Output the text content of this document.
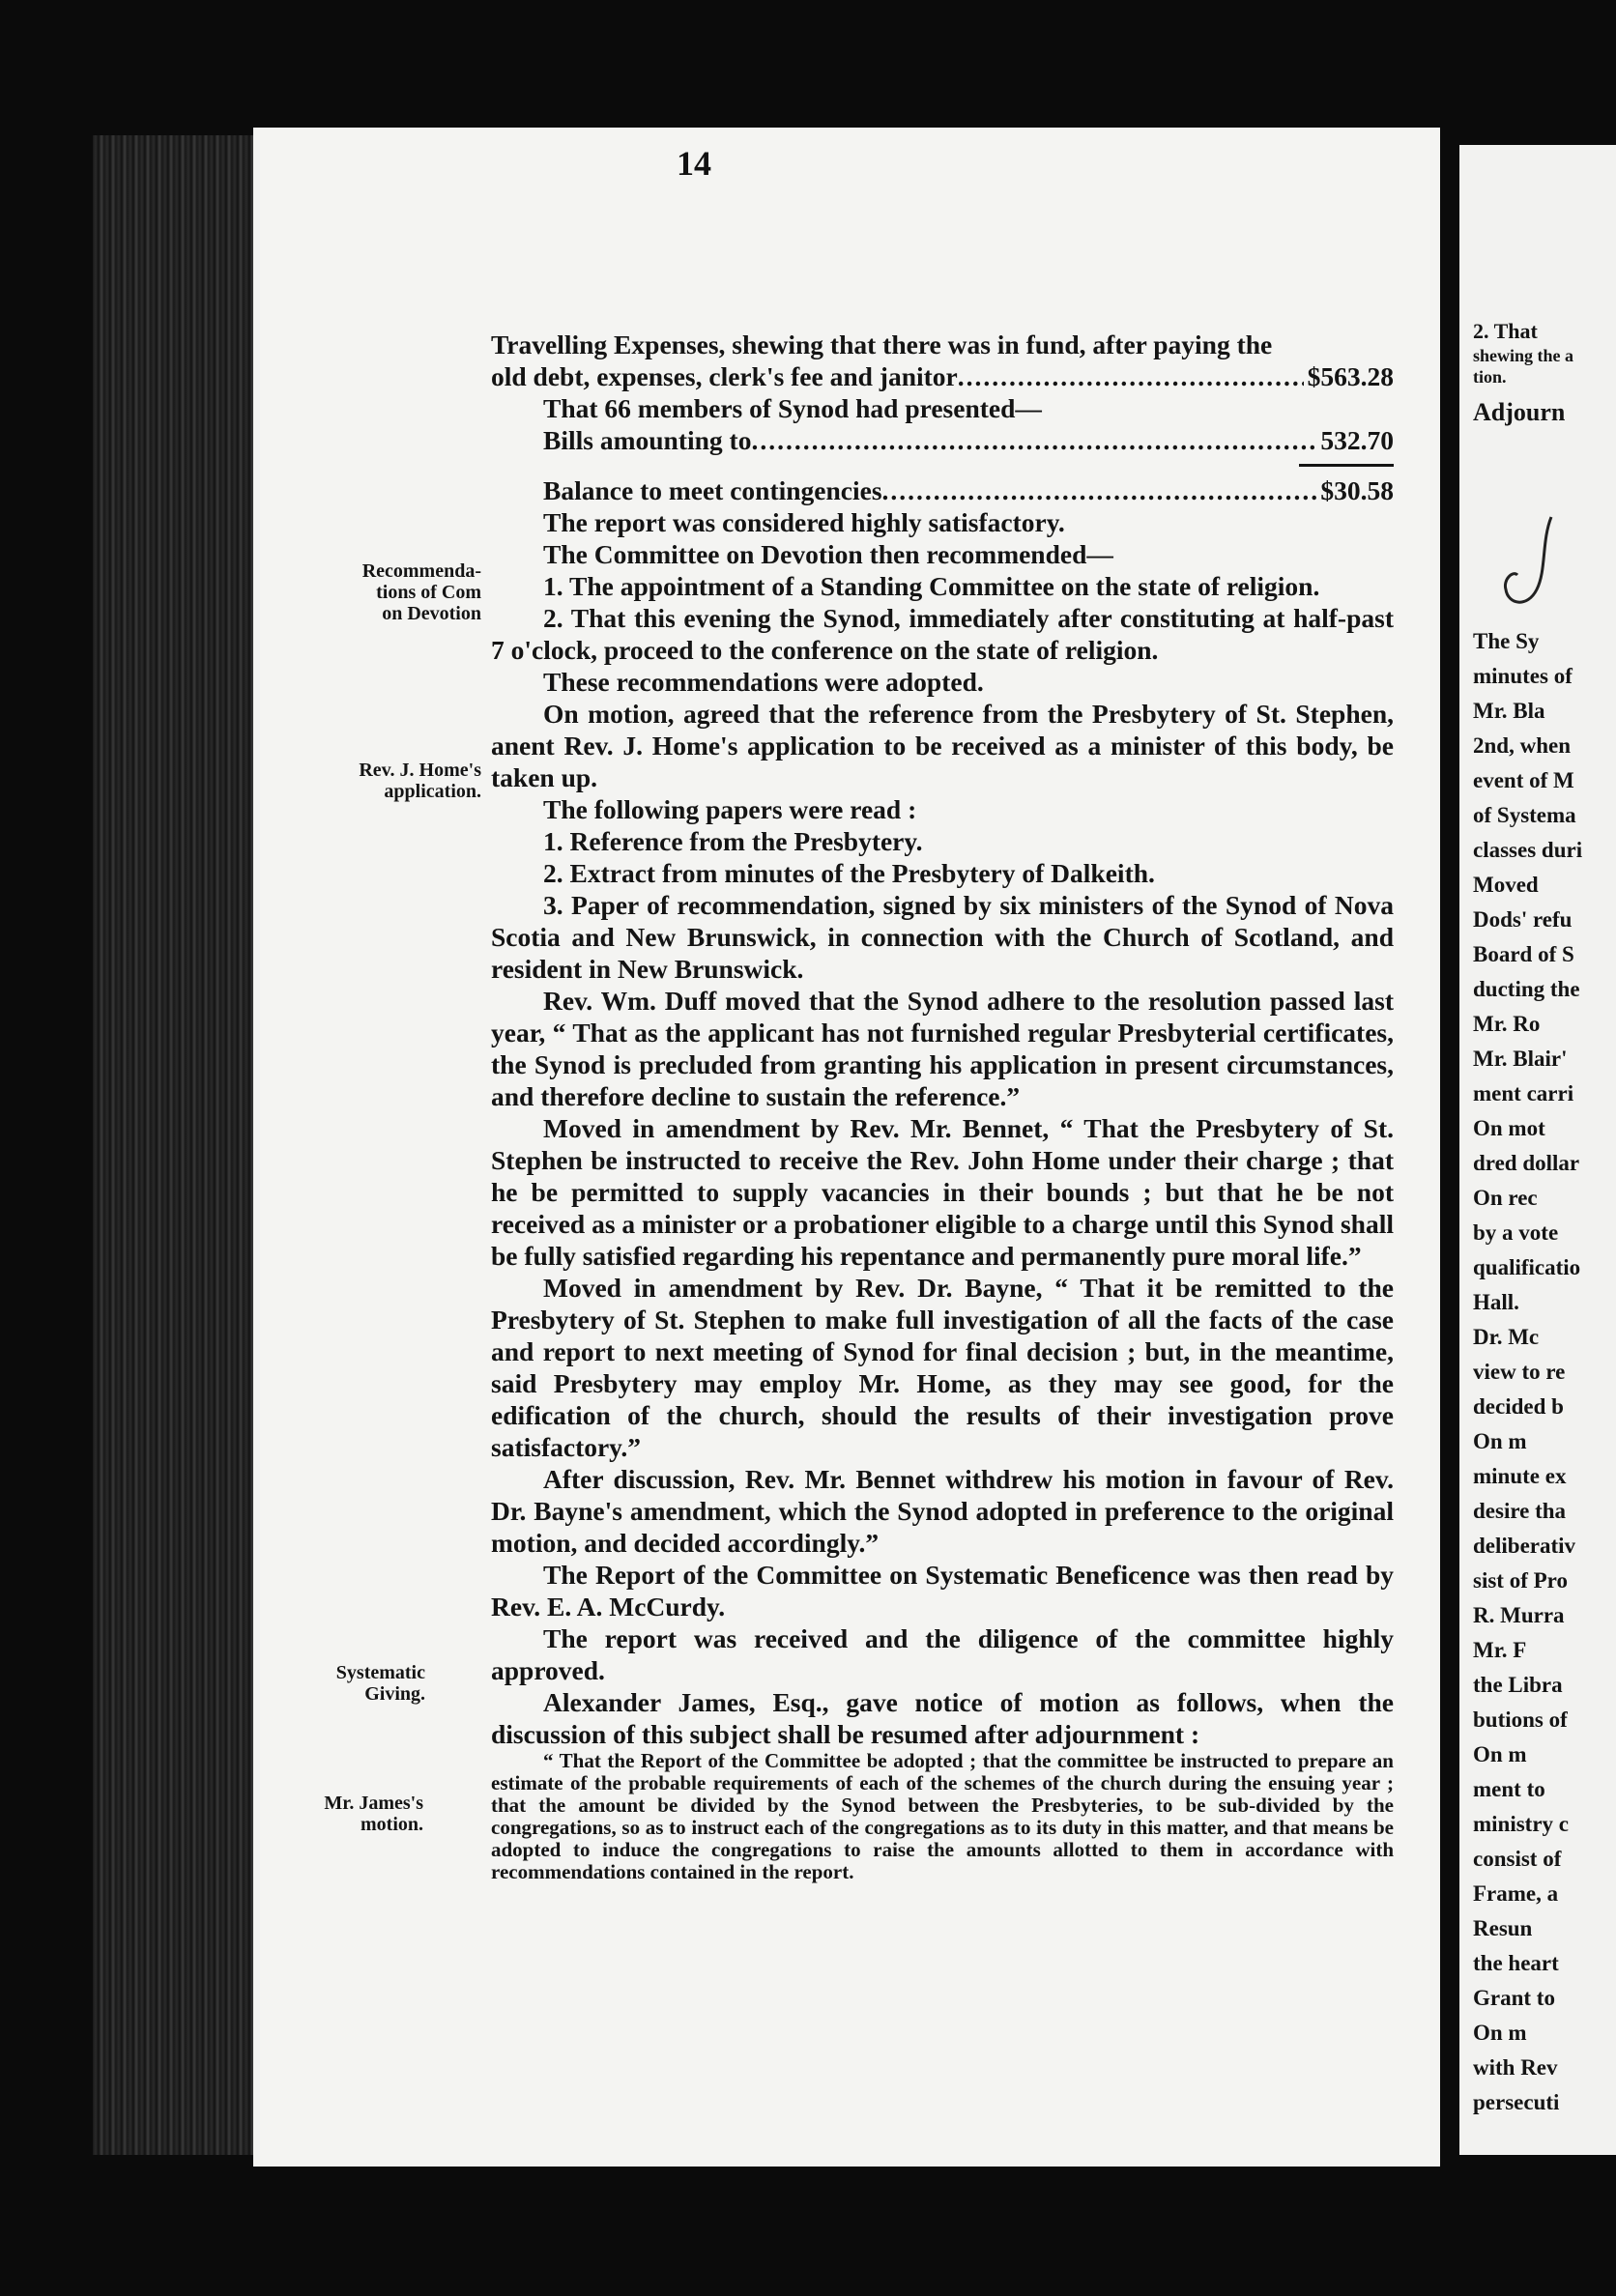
14
Recommenda-
tions of Com
on Devotion
Rev. J. Home's
application.
Systematic
Giving.
Mr. James's
motion.

Travelling Expenses, shewing that there was in fund, after paying the

old debt, expenses, clerk's fee and janitor .....	$563.28

That 66 members of Synod had presented—

Bills amounting to .....	532.70
Balance to meet contingencies .....	$30.58

The report was considered highly satisfactory.

The Committee on Devotion then recommended—

1. The appointment of a Standing Committee on the state of religion.

2. That this evening the Synod, immediately after constituting at half-past 7 o'clock, proceed to the conference on the state of religion.

These recommendations were adopted.

On motion, agreed that the reference from the Presbytery of St. Stephen, anent Rev. J. Home's application to be received as a minister of this body, be taken up.

The following papers were read :

1. Reference from the Presbytery.

2. Extract from minutes of the Presbytery of Dalkeith.

3. Paper of recommendation, signed by six ministers of the Synod of Nova Scotia and New Brunswick, in connection with the Church of Scotland, and resident in New Brunswick.

Rev. Wm. Duff moved that the Synod adhere to the resolution passed last year, “ That as the applicant has not furnished regular Presbyterial certificates, the Synod is precluded from granting his application in present circumstances, and therefore decline to sustain the reference.”

Moved in amendment by Rev. Mr. Bennet, “ That the Presbytery of St. Stephen be instructed to receive the Rev. John Home under their charge ; that he be permitted to supply vacancies in their bounds ; but that he be not received as a minister or a probationer eligible to a charge until this Synod shall be fully satisfied regarding his repentance and permanently pure moral life.”

Moved in amendment by Rev. Dr. Bayne, “ That it be remitted to the Presbytery of St. Stephen to make full investigation of all the facts of the case and report to next meeting of Synod for final decision ; but, in the meantime, said Presbytery may employ Mr. Home, as they may see good, for the edification of the church, should the results of their investigation prove satisfactory.”

After discussion, Rev. Mr. Bennet withdrew his motion in favour of Rev. Dr. Bayne's amendment, which the Synod adopted in preference to the original motion, and decided accordingly.”

The Report of the Committee on Systematic Beneficence was then read by Rev. E. A. McCurdy.

The report was received and the diligence of the committee highly approved.

Alexander James, Esq., gave notice of motion as follows, when the discussion of this subject shall be resumed after adjournment :

“ That the Report of the Committee be adopted ; that the committee be instructed to prepare an estimate of the probable requirements of each of the schemes of the church during the ensuing year ; that the amount be divided by the Synod between the Presbyteries, to be sub-divided by the congregations, so as to instruct each of the congregations as to its duty in this matter, and that means be adopted to induce the congregations to raise the amounts allotted to them in accordance with recommendations contained in the report.

2. That
shewing the a
tion.
Adjourn
The Sy
minutes of
Mr. Bla
2nd, when
event of M
of Systema
classes duri
Moved
Dods' refu
Board of S
ducting the
Mr. Ro
Mr. Blair'
ment carri
On mot
dred dollar
On rec
by a vote
qualificatio
Hall.
Dr. Mc
view to re
decided b
On m
minute ex
desire tha
deliberativ
sist of Pro
R. Murra
Mr. F
the Libra
butions of
On m
ment to
ministry c
consist of
Frame, a
Resun
the heart
Grant to
On m
with Rev
persecuti
